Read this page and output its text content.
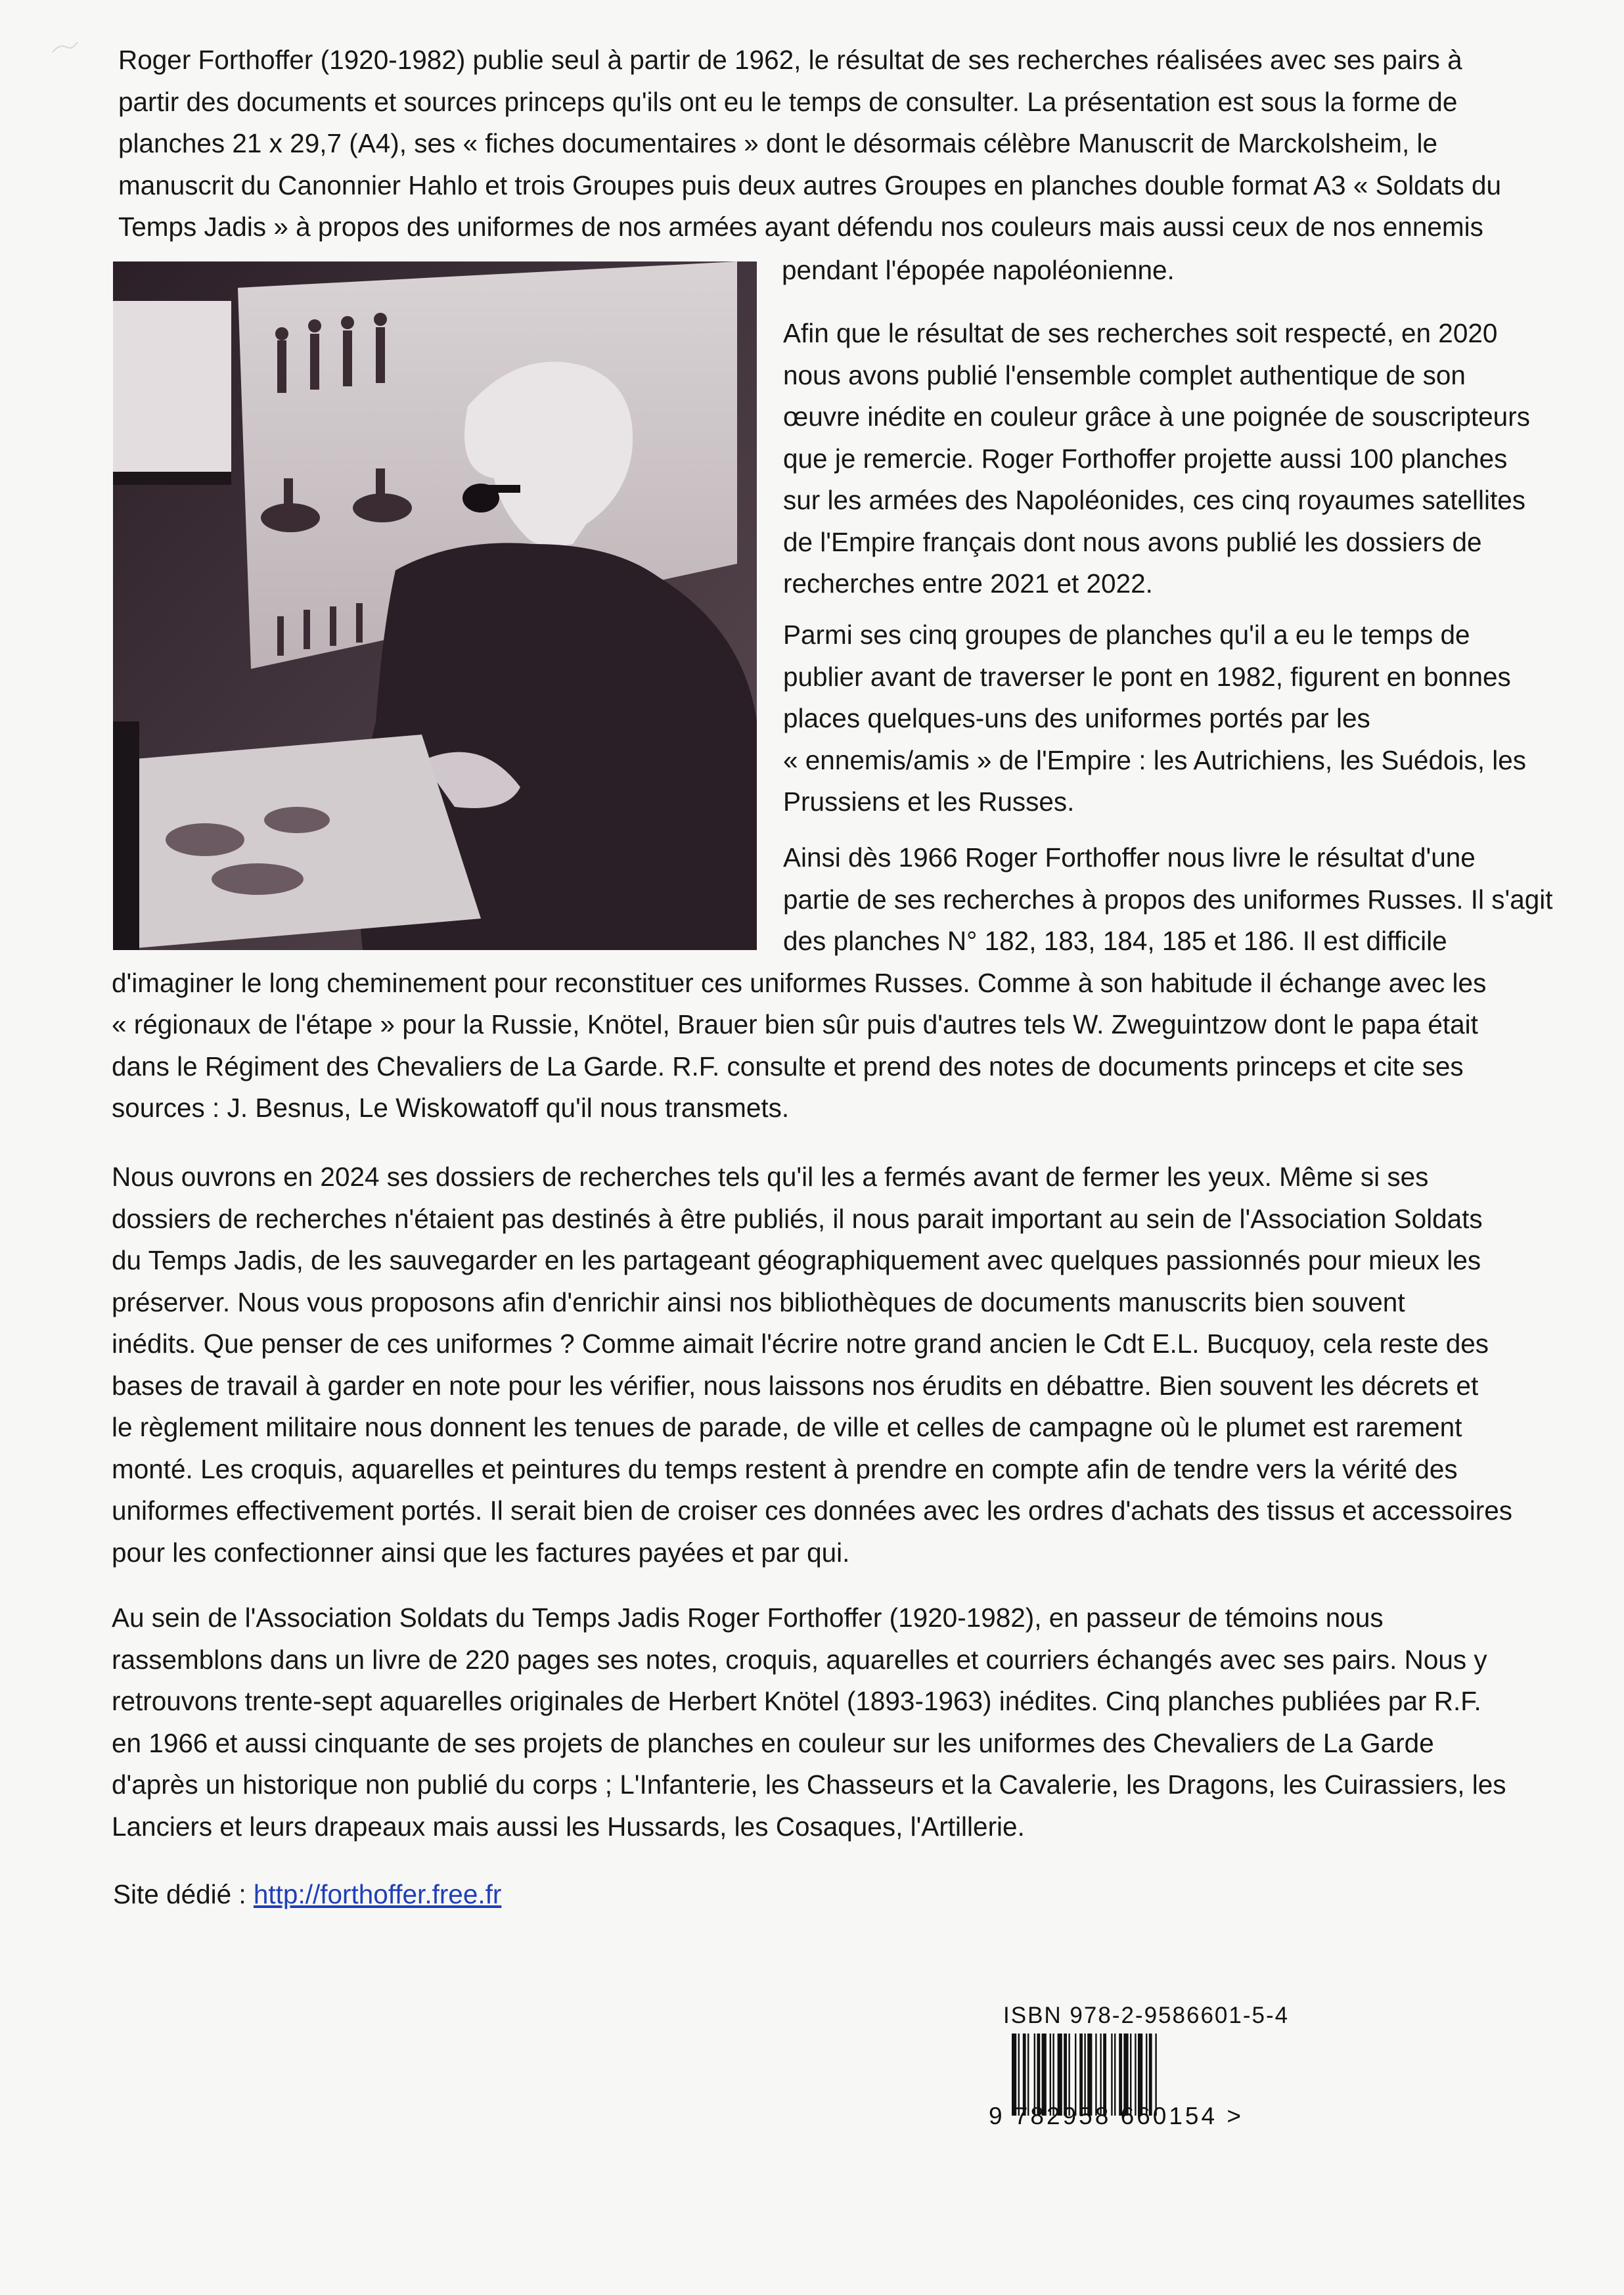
Roger Forthoffer (1920-1982) publie seul à partir de 1962, le résultat de ses recherches réalisées avec ses pairs à
partir des documents et sources princeps qu'ils ont eu le temps de consulter. La présentation est sous la forme de
planches 21 x 29,7 (A4), ses « fiches documentaires » dont le désormais célèbre Manuscrit de Marckolsheim, le
manuscrit du Canonnier Hahlo et trois Groupes puis deux autres Groupes en planches double format A3 « Soldats du
Temps Jadis » à propos des uniformes de nos armées ayant défendu nos couleurs mais aussi ceux de nos ennemis
pendant l'épopée napoléonienne.
Afin que le résultat de ses recherches soit respecté, en 2020
nous avons publié l'ensemble complet authentique de son
œuvre inédite en couleur grâce à une poignée de souscripteurs
que je remercie. Roger Forthoffer projette aussi 100 planches
sur les armées des Napoléonides, ces cinq royaumes satellites
de l'Empire français dont nous avons publié les dossiers de
recherches entre 2021 et 2022.
Parmi ses cinq groupes de planches qu'il a eu le temps de
publier avant de traverser le pont en 1982, figurent en bonnes
places quelques-uns des uniformes portés par les
« ennemis/amis » de l'Empire : les Autrichiens, les Suédois, les
Prussiens et les Russes.
Ainsi dès 1966 Roger Forthoffer nous livre le résultat d'une
partie de ses recherches à propos des uniformes Russes. Il s'agit
des planches N° 182, 183, 184, 185 et 186. Il est difficile
d'imaginer le long cheminement pour reconstituer ces uniformes Russes. Comme à son habitude il échange avec les
« régionaux de l'étape » pour la Russie, Knötel, Brauer bien sûr puis d'autres tels W. Zweguintzow dont le papa était
dans le Régiment des Chevaliers de La Garde. R.F. consulte et prend des notes de documents princeps et cite ses
sources : J. Besnus, Le Wiskowatoff qu'il nous transmets.
Nous ouvrons en 2024 ses dossiers de recherches tels qu'il les a fermés avant de fermer les yeux. Même si ses
dossiers de recherches n'étaient pas destinés à être publiés, il nous parait important au sein de l'Association Soldats
du Temps Jadis, de les sauvegarder en les partageant géographiquement avec quelques passionnés pour mieux les
préserver. Nous vous proposons afin d'enrichir ainsi nos bibliothèques de documents manuscrits bien souvent
inédits. Que penser de ces uniformes ? Comme aimait l'écrire notre grand ancien le Cdt E.L. Bucquoy, cela reste des
bases de travail à garder en note pour les vérifier, nous laissons nos érudits en débattre. Bien souvent les décrets et
le règlement militaire nous donnent les tenues de parade, de ville et celles de campagne où le plumet est rarement
monté. Les croquis, aquarelles et peintures du temps restent à prendre en compte afin de tendre vers la vérité des
uniformes effectivement portés. Il serait bien de croiser ces données avec les ordres d'achats des tissus et accessoires
pour les confectionner ainsi que les factures payées et par qui.
Au sein de l'Association Soldats du Temps Jadis Roger Forthoffer (1920-1982), en passeur de témoins nous
rassemblons dans un livre de 220 pages ses notes, croquis, aquarelles et courriers échangés avec ses pairs. Nous y
retrouvons trente-sept aquarelles originales de Herbert Knötel (1893-1963) inédites. Cinq planches publiées par R.F.
en 1966 et aussi cinquante de ses projets de planches en couleur sur les uniformes des Chevaliers de La Garde
d'après un historique non publié du corps ; L'Infanterie, les Chasseurs et la Cavalerie, les Dragons, les Cuirassiers, les
Lanciers et leurs drapeaux mais aussi les Hussards, les Cosaques, l'Artillerie.
Site dédié : http://forthoffer.free.fr
ISBN 978-2-9586601-5-4
9 782958 660154 >
